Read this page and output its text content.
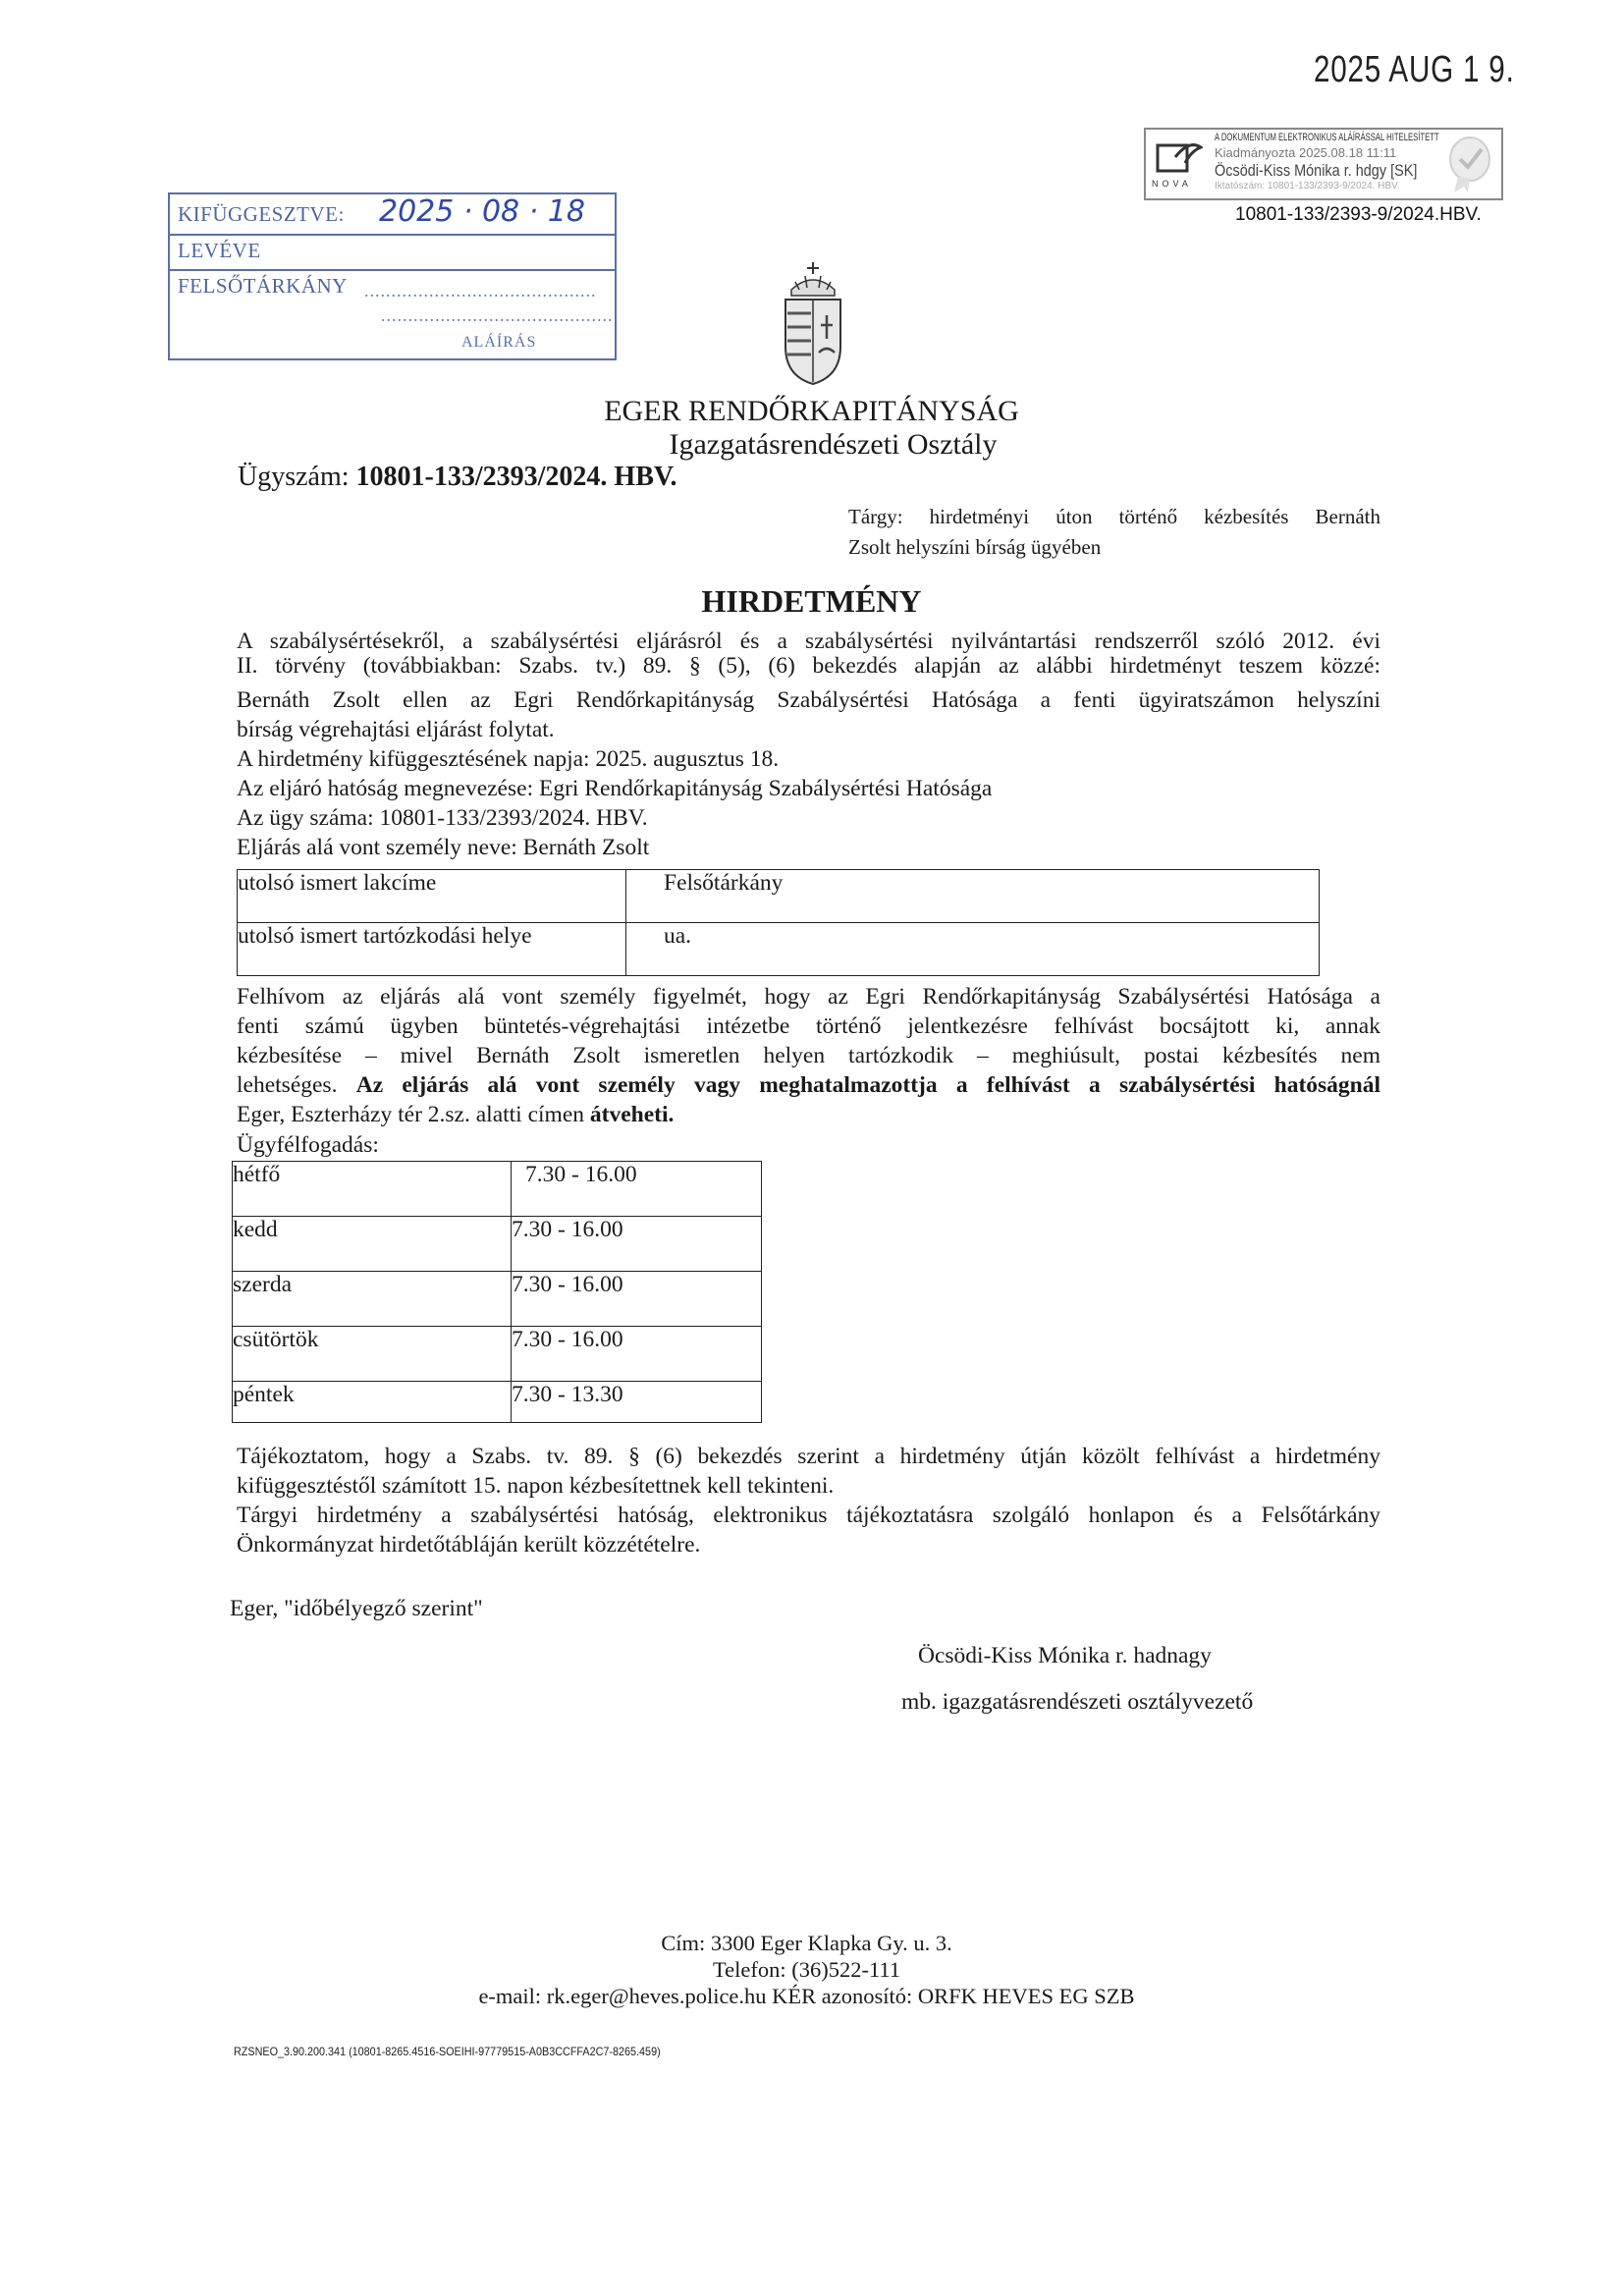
2025 AUG 1 9.
NOVA
A DOKUMENTUM ELEKTRONIKUS ALÁÍRÁSSAL HITELESÍTETT
Kiadmányozta 2025.08.18 11:11
Öcsödi-Kiss Mónika r. hdgy [SK]
Iktatószám: 10801-133/2393-9/2024. HBV.
10801-133/2393-9/2024.HBV.
KIFÜGGESZTVE: 2025 · 08 · 18
LEVÉVE
FELSŐTÁRKÁNY ...........................................
...........................................
ALÁÍRÁS
EGER RENDŐRKAPITÁNYSÁG
Igazgatásrendészeti Osztály
Ügyszám: 10801-133/2393/2024. HBV.
Tárgy: hirdetményi úton történő kézbesítés Bernáth
Zsolt helyszíni bírság ügyében
HIRDETMÉNY
A szabálysértésekről, a szabálysértési eljárásról és a szabálysértési nyilvántartási rendszerről szóló 2012. évi
II. törvény (továbbiakban: Szabs. tv.) 89. § (5), (6) bekezdés alapján az alábbi hirdetményt teszem közzé:
Bernáth Zsolt ellen az Egri Rendőrkapitányság Szabálysértési Hatósága a fenti ügyiratszámon helyszíni
bírság végrehajtási eljárást folytat.
A hirdetmény kifüggesztésének napja: 2025. augusztus 18.
Az eljáró hatóság megnevezése: Egri Rendőrkapitányság Szabálysértési Hatósága
Az ügy száma: 10801-133/2393/2024. HBV.
Eljárás alá vont személy neve: Bernáth Zsolt
utolsó ismert lakcíme	Felsőtárkány
utolsó ismert tartózkodási helye	ua.
Felhívom az eljárás alá vont személy figyelmét, hogy az Egri Rendőrkapitányság Szabálysértési Hatósága a
fenti számú ügyben büntetés-végrehajtási intézetbe történő jelentkezésre felhívást bocsájtott ki, annak
kézbesítése – mivel Bernáth Zsolt ismeretlen helyen tartózkodik – meghiúsult, postai kézbesítés nem
lehetséges. Az eljárás alá vont személy vagy meghatalmazottja a felhívást a szabálysértési hatóságnál
Eger, Eszterházy tér 2.sz. alatti címen átveheti.
Ügyfélfogadás:
hétfő	7.30 - 16.00
kedd	7.30 - 16.00
szerda	7.30 - 16.00
csütörtök	7.30 - 16.00
péntek	7.30 - 13.30
Tájékoztatom, hogy a Szabs. tv. 89. § (6) bekezdés szerint a hirdetmény útján közölt felhívást a hirdetmény
kifüggesztéstől számított 15. napon kézbesítettnek kell tekinteni.
Tárgyi hirdetmény a szabálysértési hatóság, elektronikus tájékoztatásra szolgáló honlapon és a Felsőtárkány
Önkormányzat hirdetőtábláján került közzétételre.
Eger, "időbélyegző szerint"
Öcsödi-Kiss Mónika r. hadnagy
mb. igazgatásrendészeti osztályvezető
Cím: 3300 Eger Klapka Gy. u. 3.
Telefon: (36)522-111
e-mail: rk.eger@heves.police.hu KÉR azonosító: ORFK HEVES EG SZB
RZSNEO_3.90.200.341 (10801-8265.4516-SOEIHI-97779515-A0B3CCFFA2C7-8265.459)
